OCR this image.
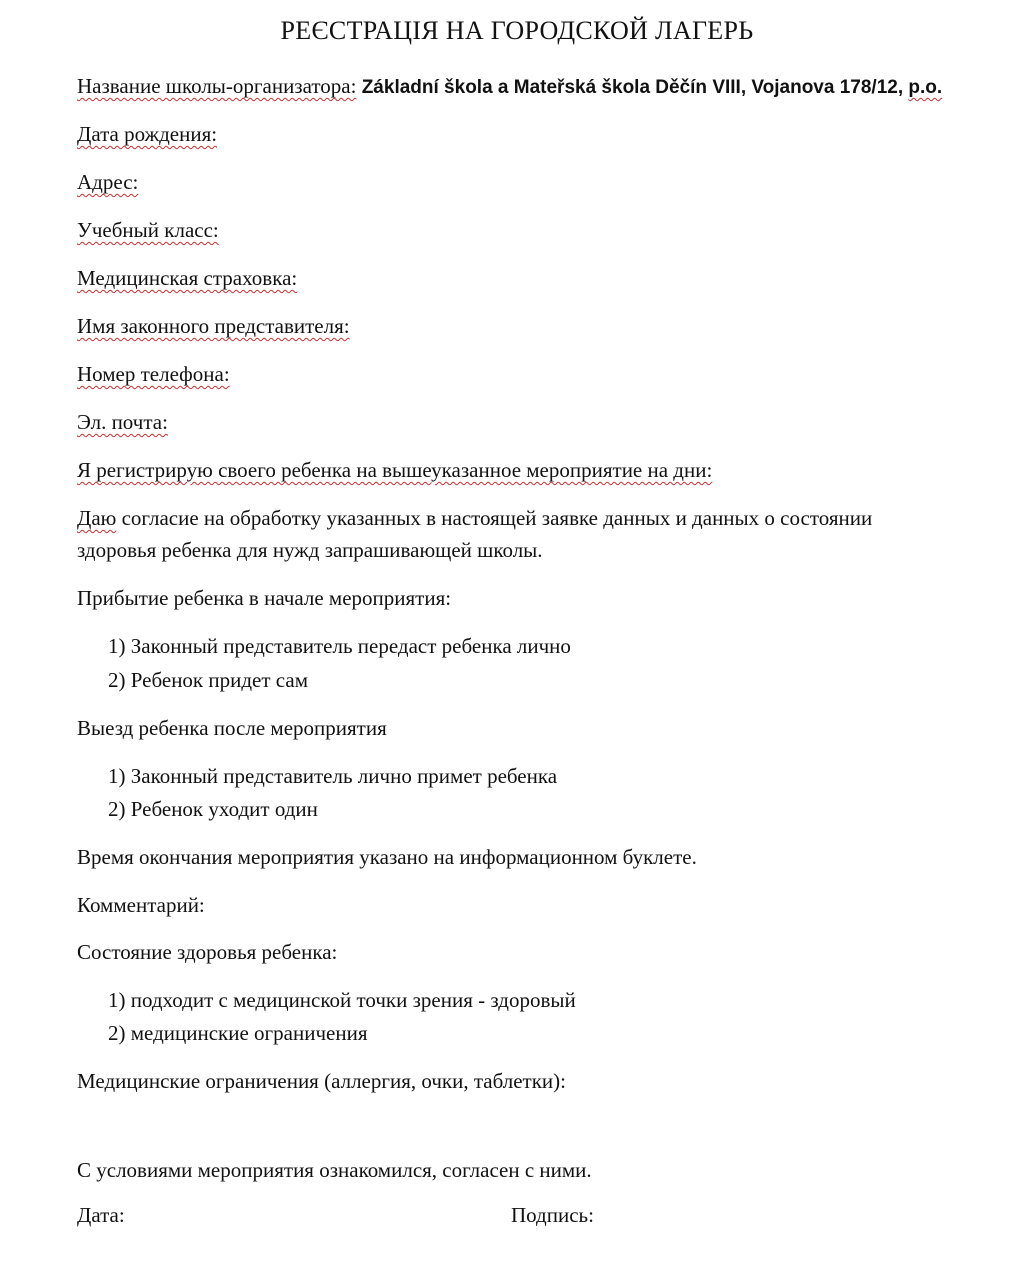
РЕЄСТРАЦІЯ НА ГОРОДСКОЙ ЛАГЕРЬ
Название школы-организатора: Základní škola a Mateřská škola Děčín VIII, Vojanova 178/12, p.o.
Дата рождения:
Адрес:
Учебный класс:
Медицинская страховка:
Имя законного представителя:
Номер телефона:
Эл. почта:
Я регистрирую своего ребенка на вышеуказанное мероприятие на дни:
Даю согласие на обработку указанных в настоящей заявке данных и данных о состоянии
здоровья ребенка для нужд запрашивающей школы.
Прибытие ребенка в начале мероприятия:
1) Законный представитель передаст ребенка лично
2) Ребенок придет сам
Выезд ребенка после мероприятия
1) Законный представитель лично примет ребенка
2) Ребенок уходит один
Время окончания мероприятия указано на информационном буклете.
Комментарий:
Состояние здоровья ребенка:
1) подходит с медицинской точки зрения - здоровый
2) медицинские ограничения
Медицинские ограничения (аллергия, очки, таблетки):
С условиями мероприятия ознакомился, согласен с ними.
Дата:	Подпись:
